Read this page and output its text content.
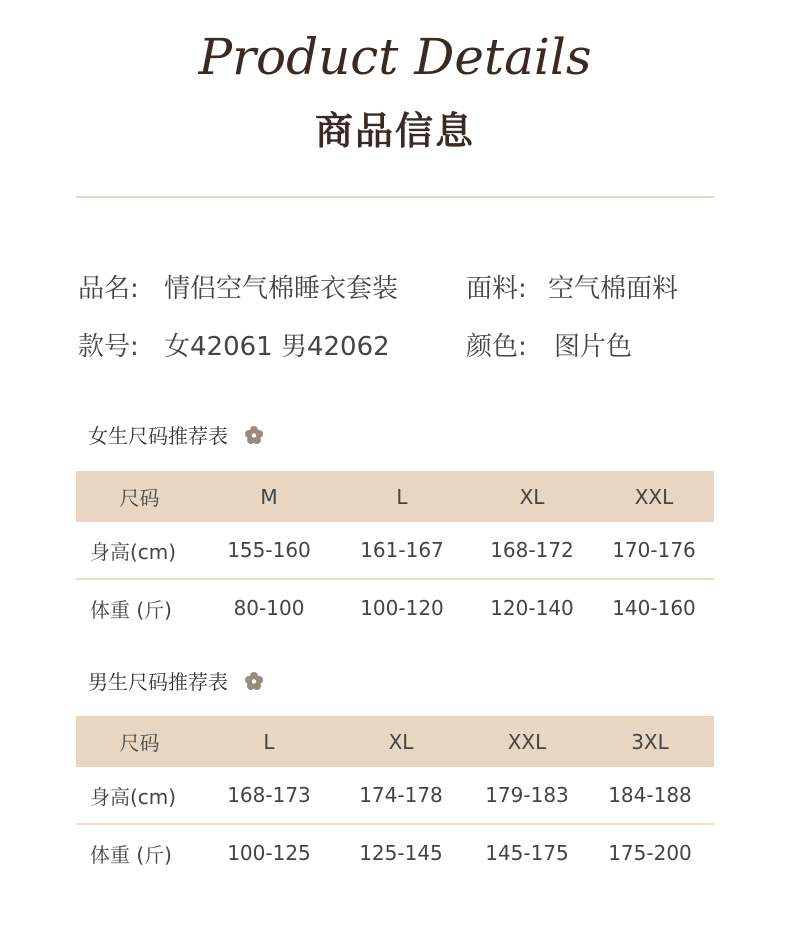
Product Details
商品信息
品名: 情侣空气棉睡衣套装	面料: 空气棉面料
款号: 女42061 男42062	颜色: 图片色
女生尺码推荐表
尺码	M	L	XL	XXL
身高(cm)	155-160	161-167	168-172	170-176
体重 (斤)	80-100	100-120	120-140	140-160
男生尺码推荐表
尺码	L	XL	XXL	3XL
身高(cm)	168-173	174-178	179-183	184-188
体重 (斤)	100-125	125-145	145-175	175-200
